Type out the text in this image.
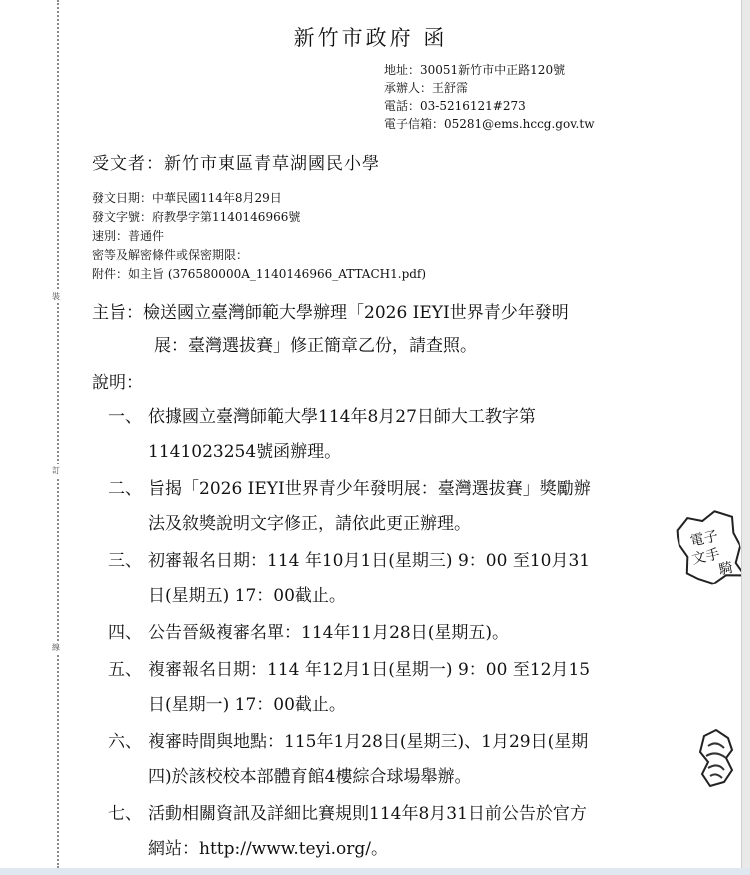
裝
訂
線
新竹市政府 函
地址：30051新竹市中正路120號
承辦人：王舒霈
電話：03-5216121#273
電子信箱：05281@ems.hccg.gov.tw
受文者：新竹市東區青草湖國民小學
發文日期：中華民國114年8月29日
發文字號：府教學字第1140146966號
速別：普通件
密等及解密條件或保密期限：
附件：如主旨 (376580000A_1140146966_ATTACH1.pdf)
主旨：檢送國立臺灣師範大學辦理「2026 IEYI世界青少年發明
展：臺灣選拔賽」修正簡章乙份，請查照。
說明：
一、 依據國立臺灣師範大學114年8月27日師大工教字第
1141023254號函辦理。
二、 旨揭「2026 IEYI世界青少年發明展：臺灣選拔賽」獎勵辦
法及敘獎說明文字修正，請依此更正辦理。
三、 初審報名日期：114 年10月1日(星期三) 9：00 至10月31
日(星期五) 17：00截止。
四、 公告晉級複審名單：114年11月28日(星期五)。
五、 複審報名日期：114 年12月1日(星期一) 9：00 至12月15
日(星期一) 17：00截止。
六、 複審時間與地點：115年1月28日(星期三)、1月29日(星期
四)於該校校本部體育館4樓綜合球場舉辦。
七、 活動相關資訊及詳細比賽規則114年8月31日前公告於官方
網站：http://www.teyi.org/。
電子
文手
騎
